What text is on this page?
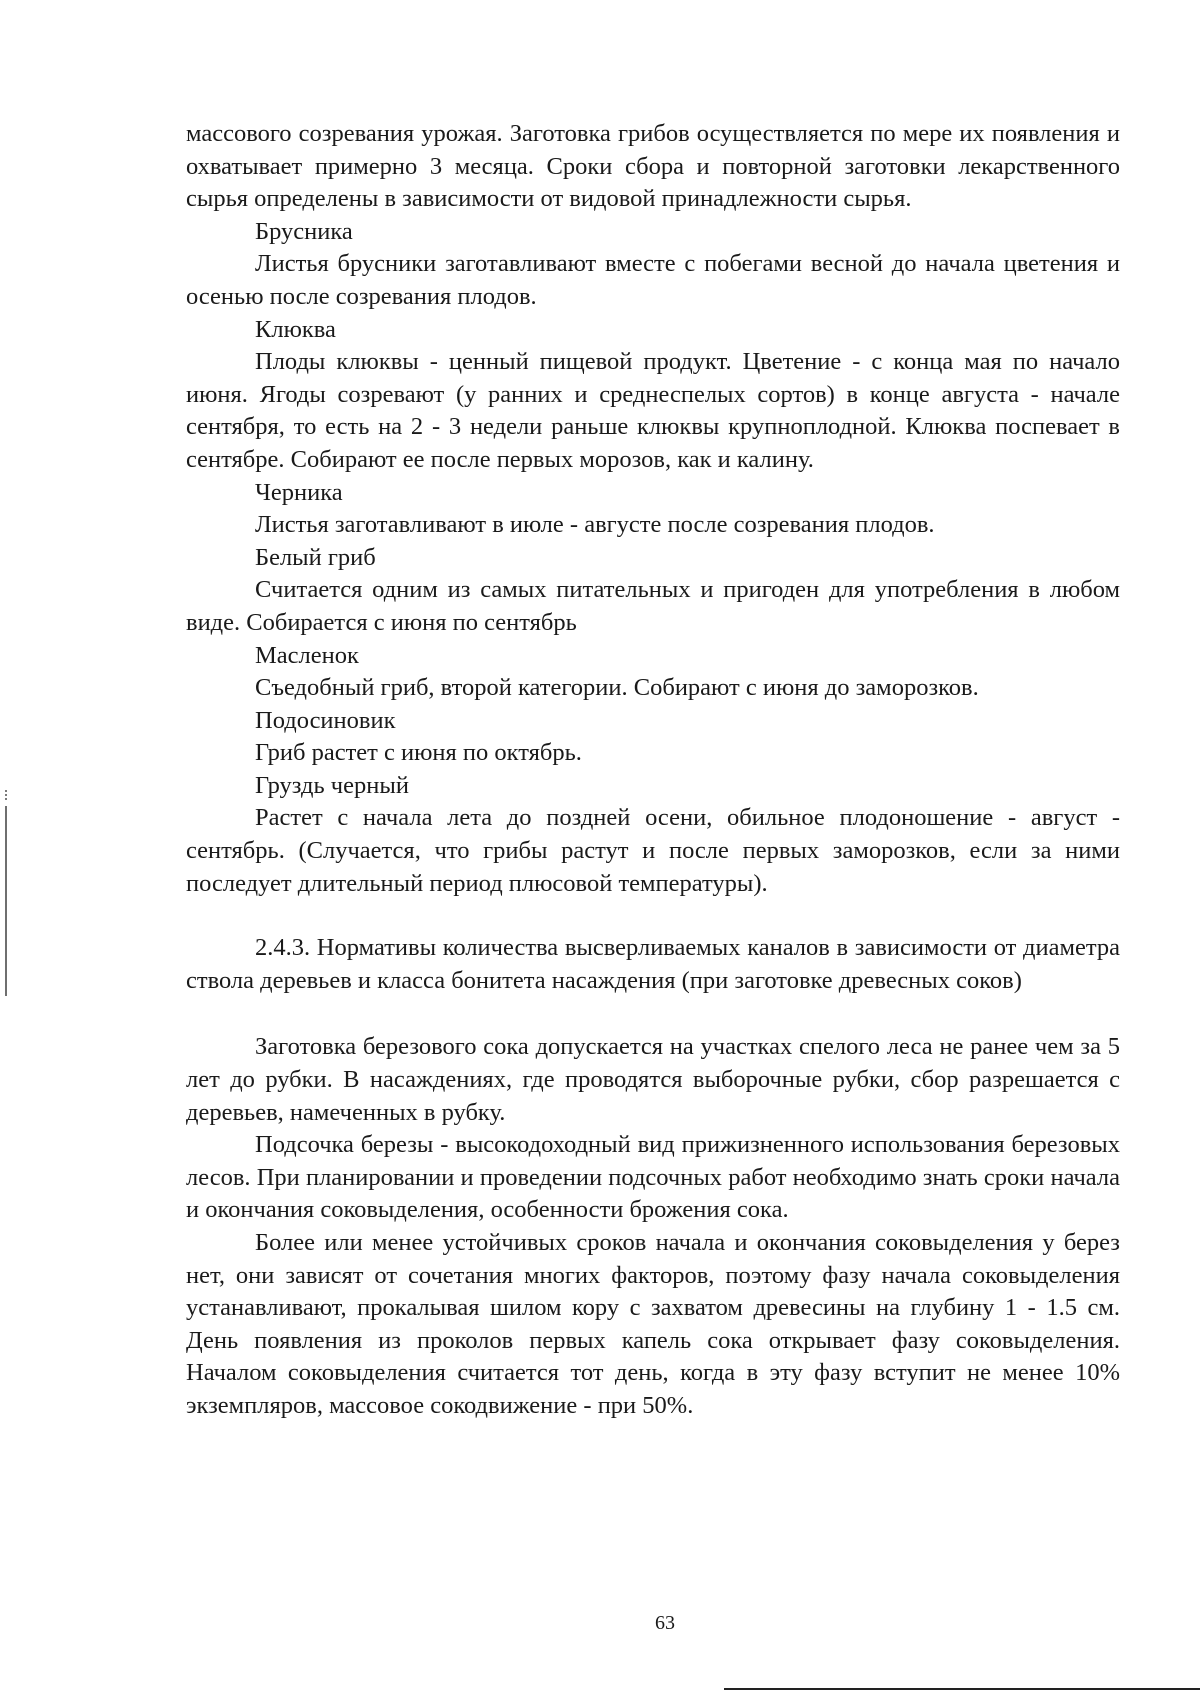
массового созревания урожая. Заготовка грибов осуществляется по мере их появления и охватывает примерно 3 месяца. Сроки сбора и повторной заготовки лекарственного сырья определены в зависимости от видовой принадлежности сырья.

Брусника

Листья брусники заготавливают вместе с побегами весной до начала цветения и осенью после созревания плодов.

Клюква

Плоды клюквы - ценный пищевой продукт. Цветение - с конца мая по начало июня. Ягоды созревают (у ранних и среднеспелых сортов) в конце августа - начале сентября, то есть на 2 - 3 недели раньше клюквы крупноплодной. Клюква поспевает в сентябре. Собирают ее после первых морозов, как и калину.

Черника

Листья заготавливают в июле - августе после созревания плодов.

Белый гриб

Считается одним из самых питательных и пригоден для употребления в любом виде. Собирается с июня по сентябрь

Масленок

Съедобный гриб, второй категории. Собирают с июня до заморозков.

Подосиновик

Гриб растет с июня по октябрь.

Груздь черный

Растет с начала лета до поздней осени, обильное плодоношение - август - сентябрь. (Случается, что грибы растут и после первых заморозков, если за ними последует длительный период плюсовой температуры).

2.4.3. Нормативы количества высверливаемых каналов в зависимости от диаметра ствола деревьев и класса бонитета насаждения (при заготовке древесных соков)

Заготовка березового сока допускается на участках спелого леса не ранее чем за 5 лет до рубки. В насаждениях, где проводятся выборочные рубки, сбор разрешается с деревьев, намеченных в рубку.

Подсочка березы - высокодоходный вид прижизненного использования березовых лесов. При планировании и проведении подсочных работ необходимо знать сроки начала и окончания соковыделения, особенности брожения сока.

Более или менее устойчивых сроков начала и окончания соковыделения у берез нет, они зависят от сочетания многих факторов, поэтому фазу начала соковыделения устанавливают, прокалывая шилом кору с захватом древесины на глубину 1 - 1.5 см. День появления из проколов первых капель сока открывает фазу соковыделения. Началом соковыделения считается тот день, когда в эту фазу вступит не менее 10% экземпляров, массовое сокодвижение - при 50%.

63
